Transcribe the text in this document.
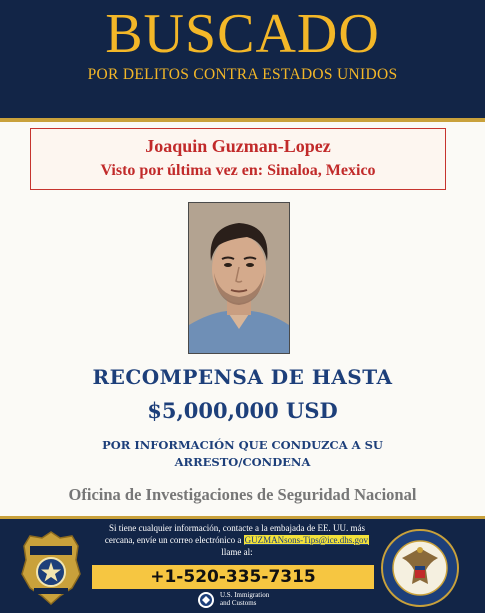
BUSCADO
POR DELITOS CONTRA ESTADOS UNIDOS
Joaquin Guzman-Lopez
Visto por última vez en: Sinaloa, Mexico
RECOMPENSA DE HASTA
$5,000,000 USD
POR INFORMACIÓN QUE CONDUZCA A SU
ARRESTO/CONDENA
Oficina de Investigaciones de Seguridad Nacional
Si tiene cualquier información, contacte a la embajada de EE. UU. más
cercana, envíe un correo electrónico a GUZMANsons-Tips@ice.dhs.gov
llame al:
+1-520-335-7315
U.S. Immigration
and Customs
